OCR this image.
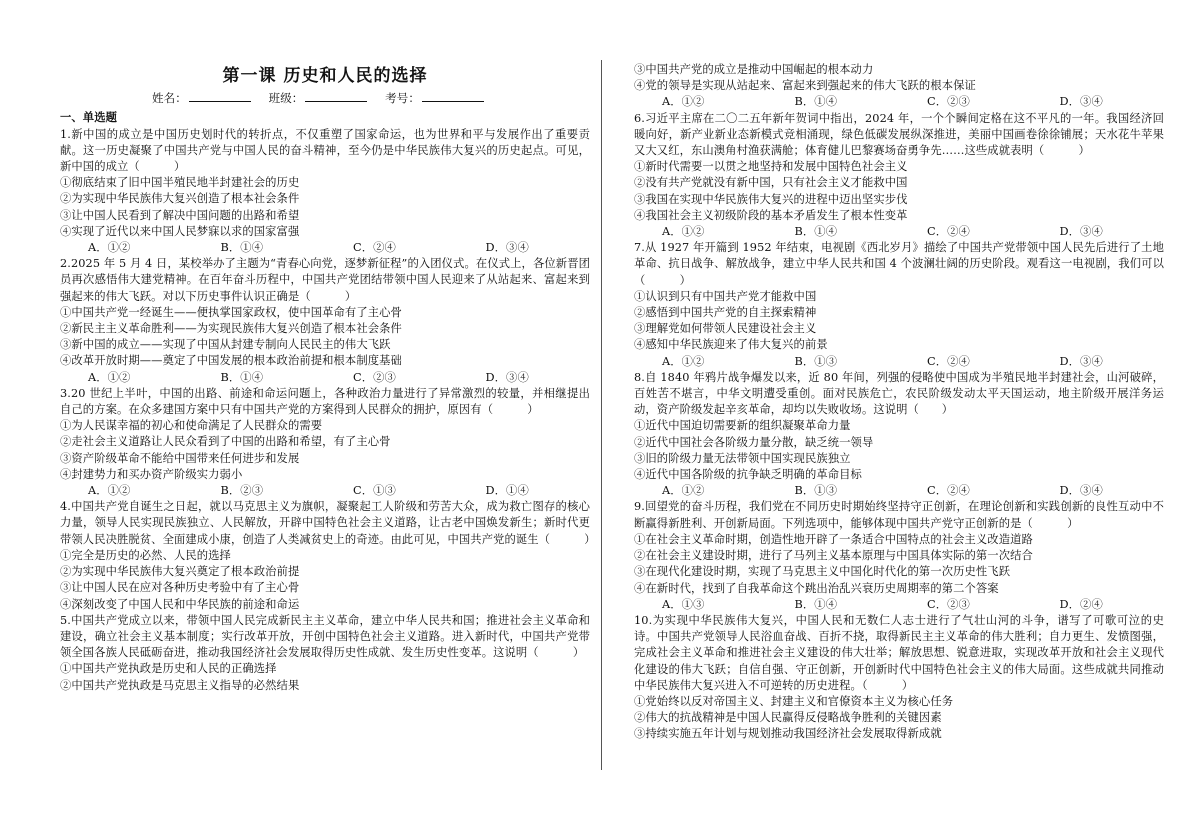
第一课 历史和人民的选择
姓名：	班级：	考号：
一、单选题
1.新中国的成立是中国历史划时代的转折点，不仅重塑了国家命运，也为世界和平与发展作出了重要贡献。这一历史凝聚了中国共产党与中国人民的奋斗精神，至今仍是中华民族伟大复兴的历史起点。可见，新中国的成立（　　　）
①彻底结束了旧中国半殖民地半封建社会的历史
②为实现中华民族伟大复兴创造了根本社会条件
③让中国人民看到了解决中国问题的出路和希望
④实现了近代以来中国人民梦寐以求的国家富强
A．①②	B．①④	C．②④	D．③④
2.2025 年 5 月 4 日，某校举办了主题为“青春心向党，逐梦新征程”的入团仪式。在仪式上，各位新晋团员再次感悟伟大建党精神。在百年奋斗历程中，中国共产党团结带领中国人民迎来了从站起来、富起来到强起来的伟大飞跃。对以下历史事件认识正确是（　　　）
①中国共产党一经诞生——便执掌国家政权，使中国革命有了主心骨
②新民主主义革命胜利——为实现民族伟大复兴创造了根本社会条件
③新中国的成立——实现了中国从封建专制向人民民主的伟大飞跃
④改革开放时期——奠定了中国发展的根本政治前提和根本制度基础
A．①②	B．①④	C．②③	D．③④
3.20 世纪上半叶，中国的出路、前途和命运问题上，各种政治力量进行了异常激烈的较量，并相继提出自己的方案。在众多建国方案中只有中国共产党的方案得到人民群众的拥护，原因有（　　　）
①为人民谋幸福的初心和使命满足了人民群众的需要
②走社会主义道路让人民众看到了中国的出路和希望，有了主心骨
③资产阶级革命不能给中国带来任何进步和发展
④封建势力和买办资产阶级实力弱小
A．①②	B．②③	C．①③	D．①④
4.中国共产党自诞生之日起，就以马克思主义为旗帜，凝聚起工人阶级和劳苦大众，成为救亡图存的核心力量，领导人民实现民族独立、人民解放，开辟中国特色社会主义道路，让古老中国焕发新生；新时代更带领人民决胜脱贫、全面建成小康，创造了人类减贫史上的奇迹。由此可见，中国共产党的诞生（　　　）
①完全是历史的必然、人民的选择
②为实现中华民族伟大复兴奠定了根本政治前提
③让中国人民在应对各种历史考验中有了主心骨
④深刻改变了中国人民和中华民族的前途和命运
5.中国共产党成立以来，带领中国人民完成新民主主义革命，建立中华人民共和国；推进社会主义革命和建设，确立社会主义基本制度；实行改革开放，开创中国特色社会主义道路。进入新时代，中国共产党带领全国各族人民砥砺奋进，推动我国经济社会发展取得历史性成就、发生历史性变革。这说明（　　　）
①中国共产党执政是历史和人民的正确选择
②中国共产党执政是马克思主义指导的必然结果
③中国共产党的成立是推动中国崛起的根本动力
④党的领导是实现从站起来、富起来到强起来的伟大飞跃的根本保证
A．①②	B．①④	C．②③	D．③④
6.习近平主席在二〇二五年新年贺词中指出，2024 年，一个个瞬间定格在这不平凡的一年。我国经济回暖向好，新产业新业态新模式竞相涌现，绿色低碳发展纵深推进，美丽中国画卷徐徐铺展；天水花牛苹果又大又红，东山澳角村渔获满舱；体育健儿巴黎赛场奋勇争先……这些成就表明（　　　）
①新时代需要一以贯之地坚持和发展中国特色社会主义
②没有共产党就没有新中国，只有社会主义才能救中国
③我国在实现中华民族伟大复兴的进程中迈出坚实步伐
④我国社会主义初级阶段的基本矛盾发生了根本性变革
A．①②	B．①④	C．②④	D．③④
7.从 1927 年开篇到 1952 年结束，电视剧《西北岁月》描绘了中国共产党带领中国人民先后进行了土地革命、抗日战争、解放战争，建立中华人民共和国 4 个波澜壮阔的历史阶段。观看这一电视剧，我们可以（　　　）
①认识到只有中国共产党才能救中国
②感悟到中国共产党的自主探索精神
③理解党如何带领人民建设社会主义
④感知中华民族迎来了伟大复兴的前景
A．①②	B．①③	C．②④	D．③④
8.自 1840 年鸦片战争爆发以来，近 80 年间，列强的侵略使中国成为半殖民地半封建社会，山河破碎，百姓苦不堪言，中华文明遭受重创。面对民族危亡，农民阶级发动太平天国运动，地主阶级开展洋务运动，资产阶级发起辛亥革命，却均以失败收场。这说明（　　）
①近代中国迫切需要新的组织凝聚革命力量
②近代中国社会各阶级力量分散，缺乏统一领导
③旧的阶级力量无法带领中国实现民族独立
④近代中国各阶级的抗争缺乏明确的革命目标
A．①②	B．①③	C．②④	D．③④
9.回望党的奋斗历程，我们党在不同历史时期始终坚持守正创新，在理论创新和实践创新的良性互动中不断赢得新胜利、开创新局面。下列选项中，能够体现中国共产党守正创新的是（　　　）
①在社会主义革命时期，创造性地开辟了一条适合中国特点的社会主义改造道路
②在社会主义建设时期，进行了马列主义基本原理与中国具体实际的第一次结合
③在现代化建设时期，实现了马克思主义中国化时代化的第一次历史性飞跃
④在新时代，找到了自我革命这个跳出治乱兴衰历史周期率的第二个答案
A．①③	B．①④	C．②③	D．②④
10.为实现中华民族伟大复兴，中国人民和无数仁人志士进行了气壮山河的斗争，谱写了可歌可泣的史诗。中国共产党领导人民浴血奋战、百折不挠，取得新民主主义革命的伟大胜利；自力更生、发愤图强，完成社会主义革命和推进社会主义建设的伟大壮举；解放思想、锐意进取，实现改革开放和社会主义现代化建设的伟大飞跃；自信自强、守正创新，开创新时代中国特色社会主义的伟大局面。这些成就共同推动中华民族伟大复兴进入不可逆转的历史进程。（　　　）
①党始终以反对帝国主义、封建主义和官僚资本主义为核心任务
②伟大的抗战精神是中国人民赢得反侵略战争胜利的关键因素
③持续实施五年计划与规划推动我国经济社会发展取得新成就
